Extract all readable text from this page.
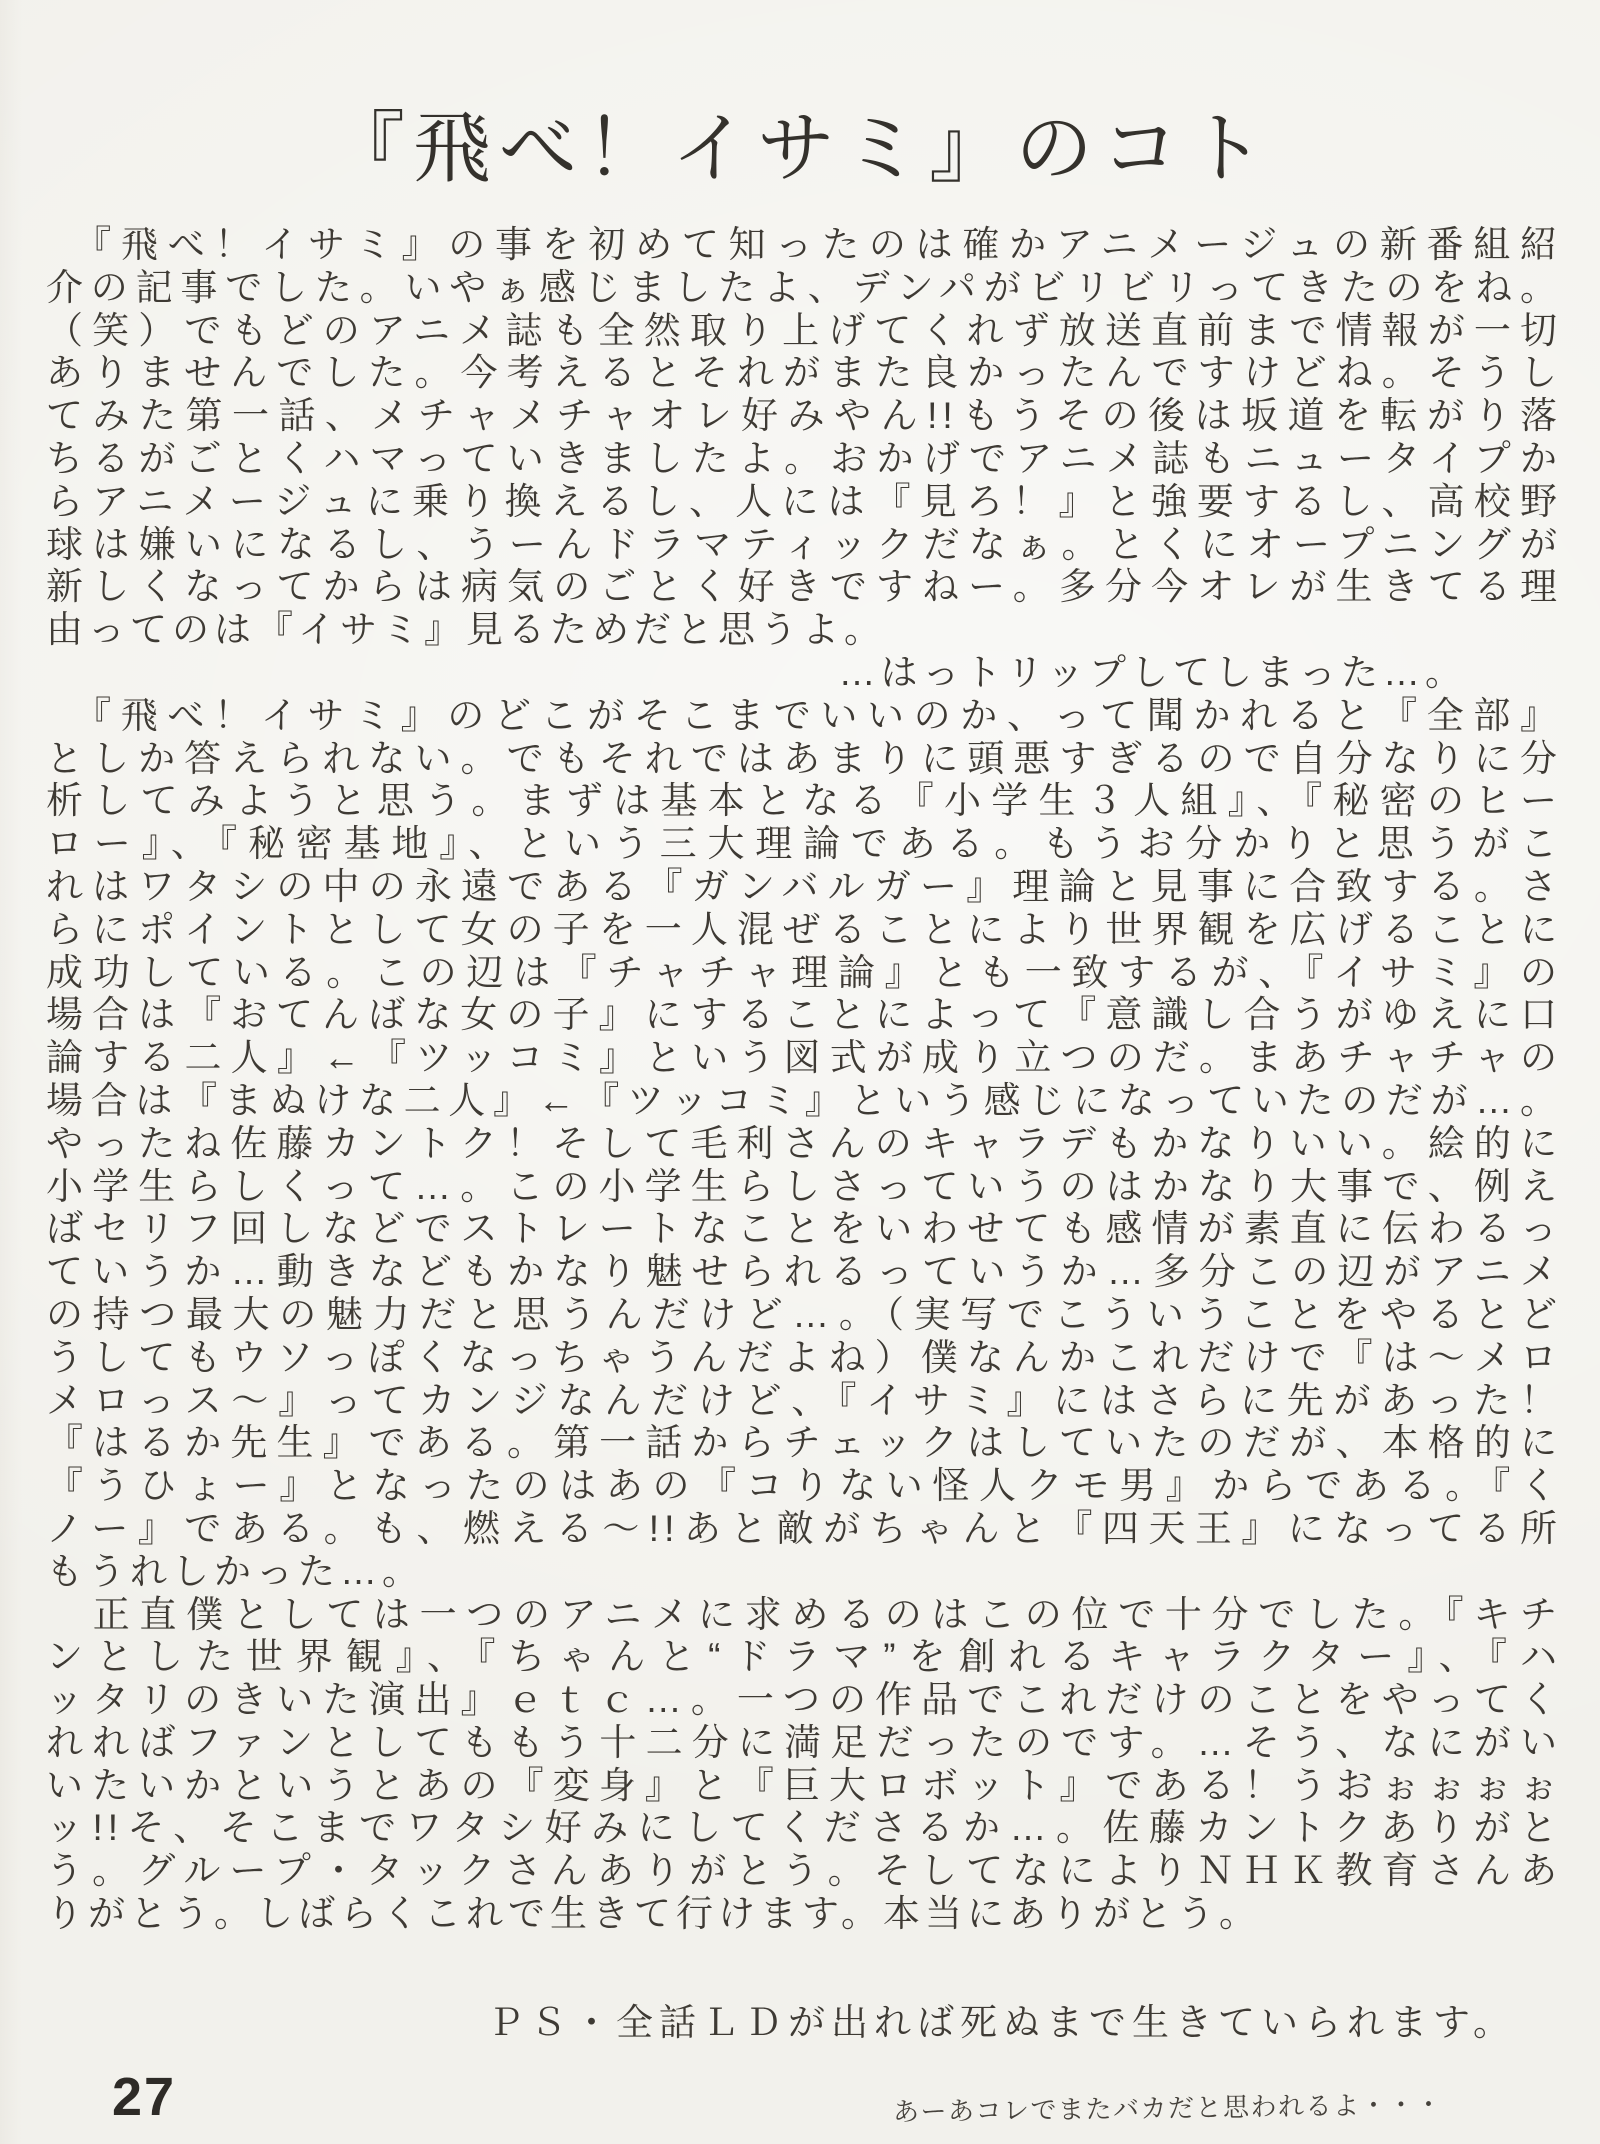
『飛べ！イサミ』のコト
　『飛べ！イサミ』の事を初めて知ったのは確かアニメージュの新番組紹
介の記事でした。いやぁ感じましたよ、デンパがビリビリってきたのをね。
（笑）でもどのアニメ誌も全然取り上げてくれず放送直前まで情報が一切
ありませんでした。今考えるとそれがまた良かったんですけどね。そうし
てみた第一話、メチャメチャオレ好みやん!!もうその後は坂道を転がり落
ちるがごとくハマっていきましたよ。おかげでアニメ誌もニュータイプか
らアニメージュに乗り換えるし、人には『見ろ！』と強要するし、高校野
球は嫌いになるし、うーんドラマティックだなぁ。とくにオープニングが
新しくなってからは病気のごとく好きですねー。多分今オレが生きてる理
由ってのは『イサミ』見るためだと思うよ。
…はっトリップしてしまった…。
　『飛べ！イサミ』のどこがそこまでいいのか、って聞かれると『全部』
としか答えられない。でもそれではあまりに頭悪すぎるので自分なりに分
析してみようと思う。まずは基本となる『小学生３人組』、『秘密のヒー
ロー』、『秘密基地』、という三大理論である。もうお分かりと思うがこ
れはワタシの中の永遠である『ガンバルガー』理論と見事に合致する。さ
らにポイントとして女の子を一人混ぜることにより世界観を広げることに
成功している。この辺は『チャチャ理論』とも一致するが、『イサミ』の
場合は『おてんばな女の子』にすることによって『意識し合うがゆえに口
論する二人』←『ツッコミ』という図式が成り立つのだ。まあチャチャの
場合は『まぬけな二人』←『ツッコミ』という感じになっていたのだが…。
やったね佐藤カントク！そして毛利さんのキャラデもかなりいい。絵的に
小学生らしくって…。この小学生らしさっていうのはかなり大事で、例え
ばセリフ回しなどでストレートなことをいわせても感情が素直に伝わるっ
ていうか…動きなどもかなり魅せられるっていうか…多分この辺がアニメ
の持つ最大の魅力だと思うんだけど…。（実写でこういうことをやるとど
うしてもウソっぽくなっちゃうんだよね）僕なんかこれだけで『は〜メロ
メロっス〜』ってカンジなんだけど、『イサミ』にはさらに先があった！
『はるか先生』である。第一話からチェックはしていたのだが、本格的に
『うひょー』となったのはあの『コりない怪人クモ男』からである。『く
ノー』である。も、燃える〜!!あと敵がちゃんと『四天王』になってる所
もうれしかった…。
　正直僕としては一つのアニメに求めるのはこの位で十分でした。『キチ
ンとした世界観』、『ちゃんと“ドラマ”を創れるキャラクター』、『ハ
ッタリのきいた演出』ｅｔｃ…。一つの作品でこれだけのことをやってく
れればファンとしてももう十二分に満足だったのです。…そう、なにがい
いたいかというとあの『変身』と『巨大ロボット』である！うおぉぉぉぉ
ッ!!そ、そこまでワタシ好みにしてくださるか…。佐藤カントクありがと
う。グループ・タックさんありがとう。そしてなによりＮＨＫ教育さんあ
りがとう。しばらくこれで生きて行けます。本当にありがとう。
ＰＳ・全話ＬＤが出れば死ぬまで生きていられます。
27	あーあコレでまたバカだと思われるよ・・・
